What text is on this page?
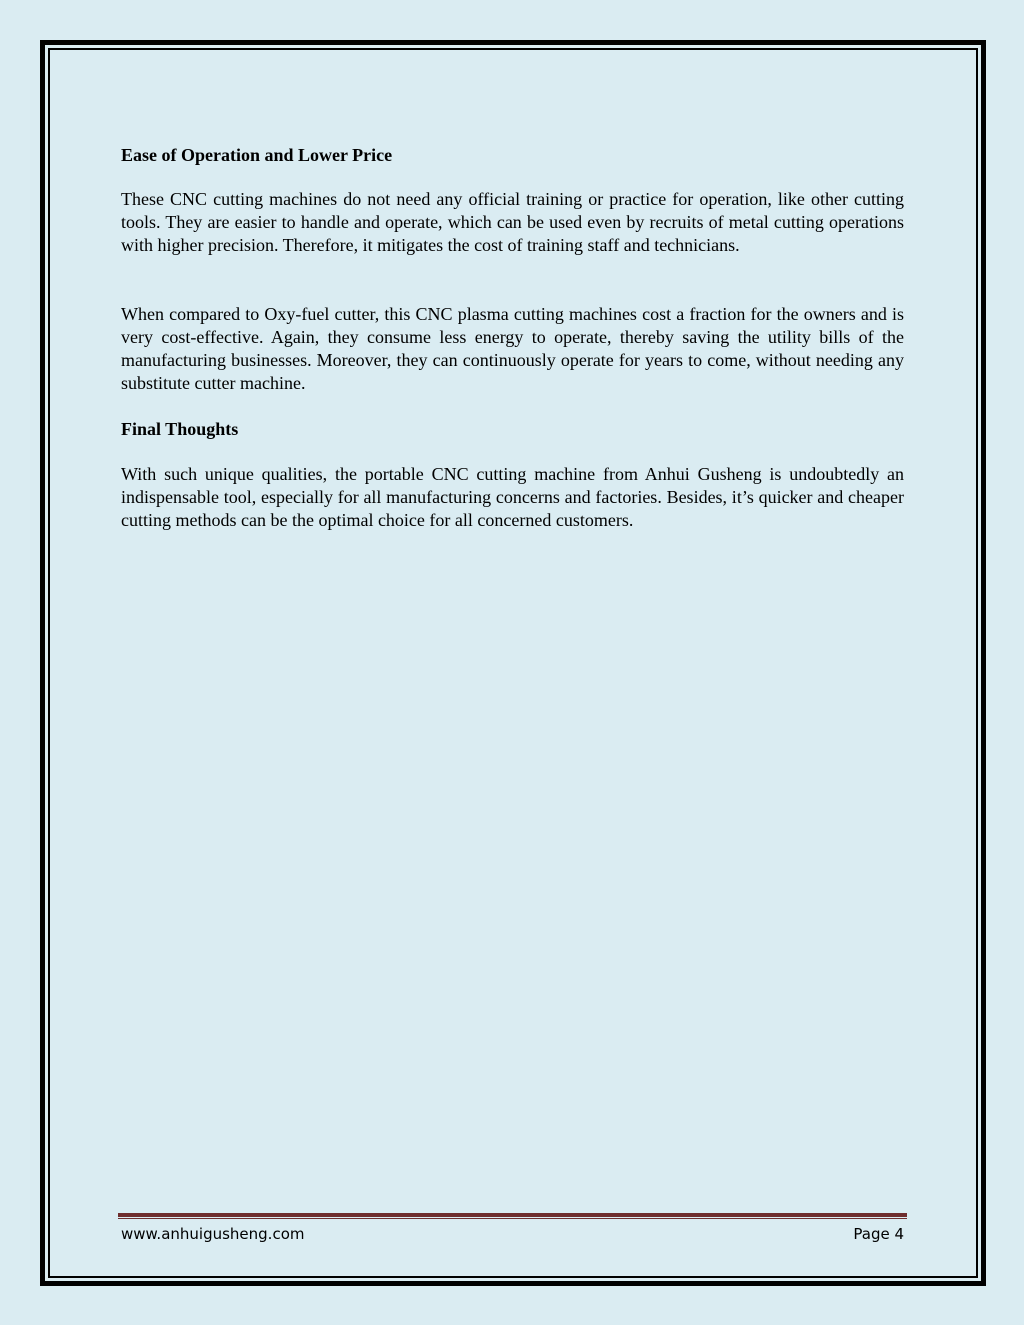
Ease of Operation and Lower Price

These CNC cutting machines do not need any official training or practice for operation, like other cutting tools. They are easier to handle and operate, which can be used even by recruits of metal cutting operations with higher precision. Therefore, it mitigates the cost of training staff and technicians.

When compared to Oxy-fuel cutter, this CNC plasma cutting machines cost a fraction for the owners and is very cost-effective. Again, they consume less energy to operate, thereby saving the utility bills of the manufacturing businesses. Moreover, they can continuously operate for years to come, without needing any substitute cutter machine.

Final Thoughts

With such unique qualities, the portable CNC cutting machine from Anhui Gusheng is undoubtedly an indispensable tool, especially for all manufacturing concerns and factories. Besides, it’s quicker and cheaper cutting methods can be the optimal choice for all concerned customers.

www.anhuigusheng.com	Page 4
